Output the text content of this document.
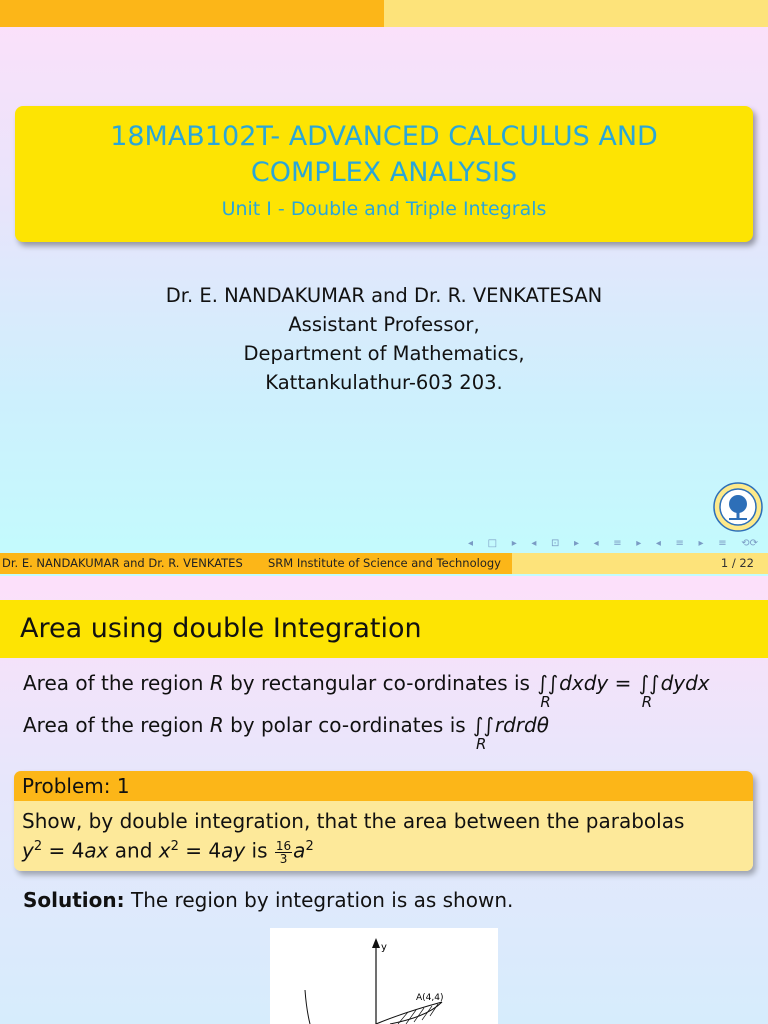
18MAB102T- ADVANCED CALCULUS AND
COMPLEX ANALYSIS
Unit I - Double and Triple Integrals
Dr. E. NANDAKUMAR and Dr. R. VENKATESAN
Assistant Professor,
Department of Mathematics,
Kattankulathur-603 203.
◂ □ ▸ ◂ ⊡ ▸ ◂ ≡ ▸ ◂ ≡ ▸ ≡ ⟲⟳
Dr. E. NANDAKUMAR and Dr. R. VENKATES	SRM Institute of Science and Technology	1 / 22
Area using double Integration
Area of the region R by rectangular co-ordinates is ∫∫
R
dxdy = ∫∫
R
dydx
Area of the region R by polar co-ordinates is ∫∫
R
rdrdθ
Problem: 1
Show, by double integration, that the area between the parabolas
$y^2 = 4ax$ and $x^2 = 4ay$ is $\frac{16}{3} a^2$
Solution: The region by integration is as shown.
y
A(4,4)
